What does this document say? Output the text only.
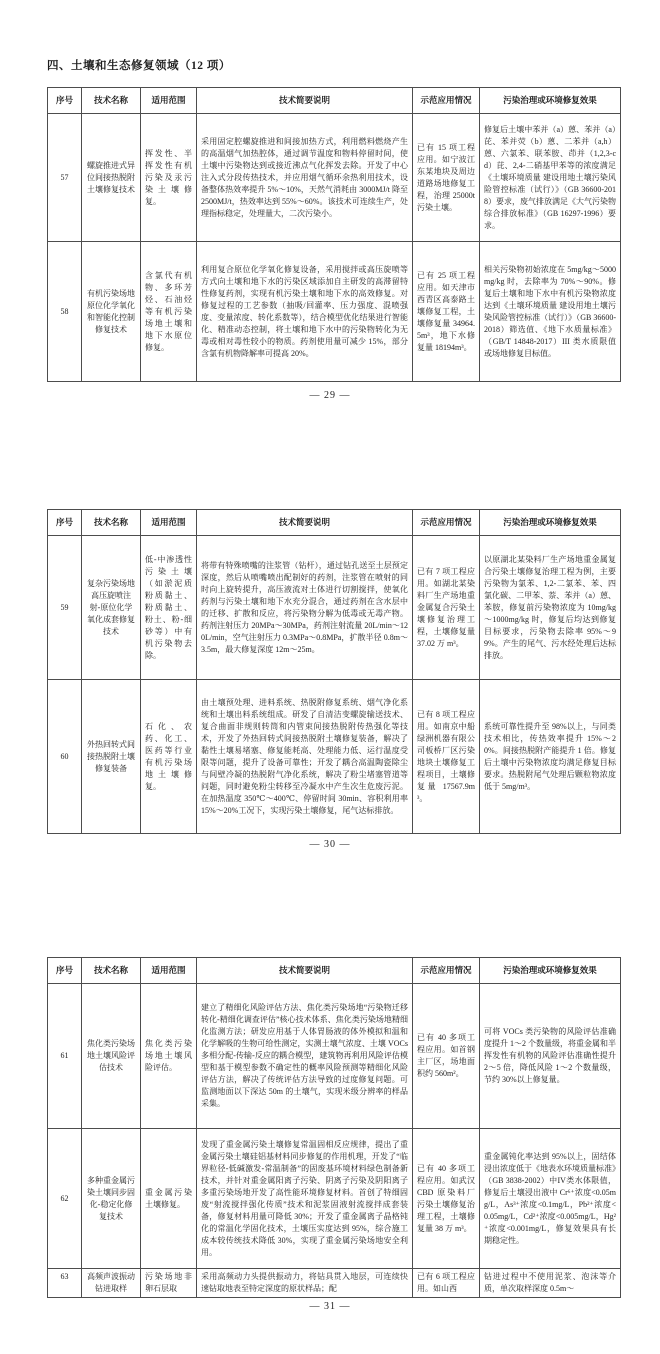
四、土壤和生态修复领域（12 项）
序号	技术名称	适用范围	技术简要说明	示范应用情况	污染治理或环境修复效果
57	螺旋推进式异位间接热脱附土壤修复技术	挥发性、半挥发性有机污染及汞污染土壤修复。	采用固定腔螺旋推进和间接加热方式，利用燃料燃烧产生的高温烟气加热腔体，通过调节温度和物料停留时间，使土壤中污染物达到或接近沸点气化挥发去除。开发了中心注入式分段传热技术，并应用烟气循环余热利用技术，设备整体热效率提升 5%～10%，天然气消耗由 3000MJ/t 降至 2500MJ/t，热效率达到 55%～60%。该技术可连续生产，处理指标稳定，处理量大，二次污染小。	已有 15 项工程应用。如宁波江东某地块及周边道路场地修复工程，治理 25000t 污染土壤。	修复后土壤中苯并（a）蒽、苯并（a）芘、苯并荧（b）蒽、二苯并（a,h）蒽、六氯苯、联苯胺、茚并（1,2,3-cd）芘、2,4-二硝基甲苯等的浓度满足《土壤环境质量 建设用地土壤污染风险管控标准（试行）》（GB 36600-2018）要求，废气排放满足《大气污染物综合排放标准》（GB 16297-1996）要求。
58	有机污染场地原位化学氧化和智能化控制修复技术	含氯代有机物、多环芳烃、石油烃等有机污染场地土壤和地下水原位修复。	利用复合原位化学氧化修复设备，采用搅拌或高压旋喷等方式向土壤和地下水的污染区域添加自主研发的高滞留特性修复药剂，实现有机污染土壤和地下水的高效修复。对修复过程的工艺参数（抽吸/回灌率、压力强度、混喷强度、变量浓度、转化系数等），结合模型优化结果进行智能化、精准动态控制，将土壤和地下水中的污染物转化为无毒或相对毒性较小的物质。药剂使用量可减少 15%，部分含氯有机物降解率可提高 20%。	已有 25 项工程应用。如天津市西青区高泰路土壤修复工程，土壤修复量 34964.5m³，地下水修复量 18194m³。	相关污染物初始浓度在 5mg/kg～5000mg/kg 时，去除率为 70%～90%。修复后土壤和地下水中有机污染物浓度达到《土壤环境质量 建设用地土壤污染风险管控标准（试行）》（GB 36600-2018）筛选值、《地下水质量标准》（GB/T 14848-2017）III 类水质限值或场地修复目标值。
— 29 —
序号	技术名称	适用范围	技术简要说明	示范应用情况	污染治理或环境修复效果
59	复杂污染场地高压旋喷注射-原位化学氧化成套修复技术	低-中渗透性污染土壤（如淤泥质粉质黏土、粉质黏土、粉土、粉-细砂等）中有机污染物去除。	将带有特殊喷嘴的注浆管（钻杆），通过钻孔送至土层预定深度，然后从喷嘴喷出配制好的药剂，注浆管在喷射的同时向上旋转提升，高压液流对土体进行切割搅拌，使氧化药剂与污染土壤和地下水充分混合，通过药剂在含水层中的迁移、扩散和反应，将污染物分解为低毒或无毒产物。药剂注射压力 20MPa～30MPa，药剂注射流量 20L/min～120L/min，空气注射压力 0.3MPa～0.8MPa，扩散半径 0.8m～3.5m，最大修复深度 12m～25m。	已有 7 项工程应用。如湖北某染料厂生产场地重金属复合污染土壤修复治理工程，土壤修复量 37.02 万 m³。	以原湖北某染料厂生产场地重金属复合污染土壤修复治理工程为例，主要污染物为氯苯、1,2-二氯苯、苯、四氯化碳、二甲苯、萘、苯并（a）蒽、苯胺，修复前污染物浓度为 10mg/kg～1000mg/kg 时，修复后均达到修复目标要求，污染物去除率 95%～99%。产生的尾气、污水经处理后达标排放。
60	外热回转式间接热脱附土壤修复装备	石化、农药、化工、医药等行业有机污染场地土壤修复。	由土壤预处理、进料系统、热脱附修复系统、烟气净化系统和土壤出料系统组成。研发了自清洁变螺旋输送技术、复合曲面非规则转筒和内管束间接热脱附传热强化等技术，开发了外热回转式间接热脱附土壤修复装备，解决了黏性土壤易堵塞、修复能耗高、处理能力低、运行温度受限等问题，提升了设备可靠性；开发了耦合高温陶瓷除尘与间壁冷凝的热脱附气净化系统，解决了粉尘堵塞管道等问题，同时避免粉尘转移至冷凝水中产生次生危废污泥。在加热温度 350℃～400℃、停留时间 30min、容积利用率 15%～20%工况下，实现污染土壤修复，尾气达标排放。	已有 8 项工程应用。如南京中船绿洲机器有限公司板桥厂区污染地块土壤修复工程项目，土壤修复量 17567.9m³。	系统可靠性提升至 98%以上，与同类技术相比，传热效率提升 15%～20%。间接热脱附产能提升 1 倍。修复后土壤中污染物浓度均满足修复目标要求。热脱附尾气处理后颗粒物浓度低于 5mg/m³。
— 30 —
序号	技术名称	适用范围	技术简要说明	示范应用情况	污染治理或环境修复效果
61	焦化类污染场地土壤风险评估技术	焦化类污染场地土壤风险评估。	建立了精细化风险评估方法、焦化类污染场地“污染物迁移转化-精细化调查评估”核心技术体系、焦化类污染场地精细化监测方法；研发应用基于人体胃肠液的体外模拟和温和化学解吸的生物可给性测定，实测土壤气浓度、土壤 VOCs 多相分配-传输-反应的耦合模型，建筑物再利用风险评估模型和基于模型参数不确定性的概率风险预测等精细化风险评估方法，解决了传统评估方法导致的过度修复问题。可监测地面以下深达 50m 的土壤气，实现米级分辨率的样品采集。	已有 40 多项工程应用。如首钢主厂区，场地面积约 560m²。	可将 VOCs 类污染物的风险评估准确度提升 1～2 个数量级，将重金属和半挥发性有机物的风险评估准确性提升 2～5 倍，降低风险 1～2 个数量级，节约 30%以上修复量。
62	多种重金属污染土壤同步固化-稳定化修复技术	重金属污染土壤修复。	发现了重金属污染土壤修复常温固相反应规律，提出了重金属污染土壤硅铝基材料同步修复的作用机理，开发了“临界粒径-低碱激发-常温制备”的固废基环境材料绿色制备新技术，并针对重金属阳离子污染、阴离子污染及阴阳离子多重污染场地开发了高性能环境修复材料。首创了特细固废“射流搅拌强化传质”技术和泥浆固液射流搅拌成套装备，修复材料用量可降低 30%；开发了重金属离子晶格钝化的常温化学固化技术，土壤压实度达到 95%，综合施工成本较传统技术降低 30%，实现了重金属污染场地安全利用。	已有 40 多项工程应用。如武汉 CBD 原染料厂污染土壤修复治理工程，土壤修复量 38 万 m³。	重金属钝化率达到 95%以上，固结体浸出浓度低于《地表水环境质量标准》（GB 3838-2002）中IV类水体限值，修复后土壤浸出液中 Cr⁶⁺浓度<0.05mg/L，As³⁺浓度<0.1mg/L，Pb²⁺浓度<0.05mg/L，Cd²⁺浓度<0.005mg/L，Hg²⁺浓度<0.001mg/L，修复效果具有长期稳定性。

63	高频声波振动钻进取样	污染场地非卵石层取	采用高频动力头提供振动力，将钻具贯入地层，可连续快速钻取地表至特定深度的原状样品；配	已有 6 项工程应用。如山西	钻进过程中不使用泥浆、泡沫等介质，单次取样深度 0.5m～
— 31 —
